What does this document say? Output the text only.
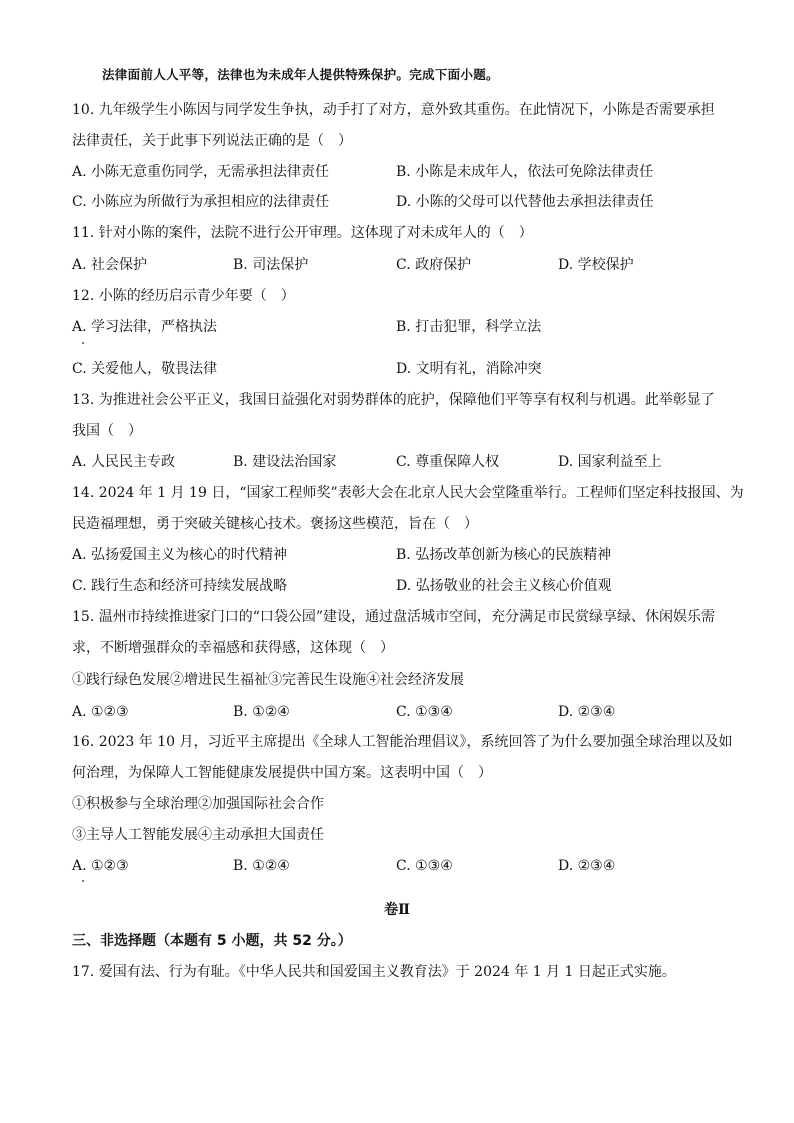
法律面前人人平等，法律也为未成年人提供特殊保护。完成下面小题。
10. 九年级学生小陈因与同学发生争执，动手打了对方，意外致其重伤。在此情况下，小陈是否需要承担
法律责任，关于此事下列说法正确的是（　）
A. 小陈无意重伤同学，无需承担法律责任	B. 小陈是未成年人，依法可免除法律责任
C. 小陈应为所做行为承担相应的法律责任	D. 小陈的父母可以代替他去承担法律责任
11. 针对小陈的案件，法院不进行公开审理。这体现了对未成年人的（　）
A. 社会保护	B. 司法保护	C. 政府保护	D. 学校保护
12. 小陈的经历启示青少年要（　）
A. 学习法律，严格执法	B. 打击犯罪，科学立法
C. 关爱他人，敬畏法律	D. 文明有礼，消除冲突
13. 为推进社会公平正义，我国日益强化对弱势群体的庇护，保障他们平等享有权利与机遇。此举彰显了
我国（　）
A. 人民民主专政	B. 建设法治国家	C. 尊重保障人权	D. 国家利益至上
14. 2024 年 1 月 19 日，“国家工程师奖”表彰大会在北京人民大会堂隆重举行。工程师们坚定科技报国、为
民造福理想，勇于突破关键核心技术。褒扬这些模范，旨在（　）
A. 弘扬爱国主义为核心的时代精神	B. 弘扬改革创新为核心的民族精神
C. 践行生态和经济可持续发展战略	D. 弘扬敬业的社会主义核心价值观
15. 温州市持续推进家门口的“口袋公园”建设，通过盘活城市空间，充分满足市民赏绿享绿、休闲娱乐需
求，不断增强群众的幸福感和获得感，这体现（　）
①践行绿色发展②增进民生福祉③完善民生设施④社会经济发展
A. ①②③	B. ①②④	C. ①③④	D. ②③④
16. 2023 年 10 月，习近平主席提出《全球人工智能治理倡议》，系统回答了为什么要加强全球治理以及如
何治理，为保障人工智能健康发展提供中国方案。这表明中国（　）
①积极参与全球治理②加强国际社会合作
③主导人工智能发展④主动承担大国责任
A. ①②③	B. ①②④	C. ①③④	D. ②③④
卷Ⅱ
三、非选择题（本题有 5 小题，共 52 分。）
17. 爱国有法、行为有耻。《中华人民共和国爱国主义教育法》于 2024 年 1 月 1 日起正式实施。
